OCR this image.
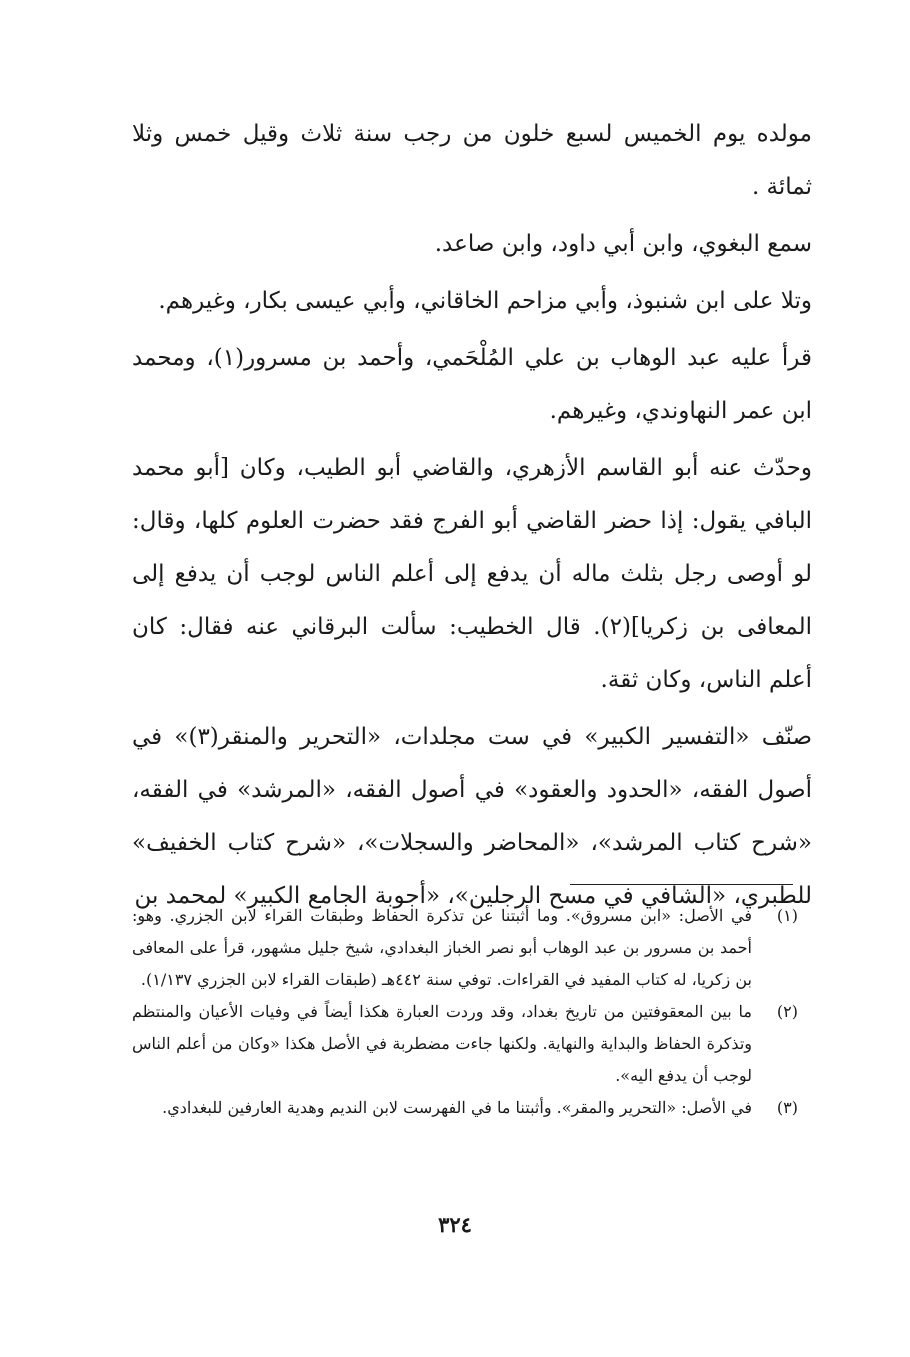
مولده يوم الخميس لسبع خلون من رجب سنة ثلاث وقيل خمس وثلا ثمائة .

سمع البغوي، وابن أبي داود، وابن صاعد.

وتلا على ابن شنبوذ، وأبي مزاحم الخاقاني، وأبي عيسى بكار، وغيرهم.

قرأ عليه عبد الوهاب بن علي المُلْحَمي، وأحمد بن مسرور(١)، ومحمد ابن عمر النهاوندي، وغيرهم.

وحدّث عنه أبو القاسم الأزهري، والقاضي أبو الطيب، وكان [أبو محمد البافي يقول: إذا حضر القاضي أبو الفرج فقد حضرت العلوم كلها، وقال: لو أوصى رجل بثلث ماله أن يدفع إلى أعلم الناس لوجب أن يدفع إلى المعافى بن زكريا](٢). قال الخطيب: سألت البرقاني عنه فقال: كان أعلم الناس، وكان ثقة.

صنّف «التفسير الكبير» في ست مجلدات، «التحرير والمنقر(٣)» في أصول الفقه، «الحدود والعقود» في أصول الفقه، «المرشد» في الفقه، «شرح كتاب المرشد»، «المحاضر والسجلات»، «شرح كتاب الخفيف» للطبري، «الشافي في مسح الرجلين»، «أجوبة الجامع الكبير» لمحمد بن

(١)
في الأصل: «ابن مسروق». وما أثبتنا عن تذكرة الحفاظ وطبقات القراء لابن الجزري. وهو: أحمد بن مسرور بن عبد الوهاب أبو نصر الخباز البغدادي، شيخ جليل مشهور، قرأ على المعافى بن زكريا، له كتاب المفيد في القراءات. توفي سنة ٤٤٢هـ (طبقات القراء لابن الجزري ١/١٣٧).
(٢)
ما بين المعقوفتين من تاريخ بغداد، وقد وردت العبارة هكذا أيضاً في وفيات الأعيان والمنتظم وتذكرة الحفاظ والبداية والنهاية. ولكنها جاءت مضطربة في الأصل هكذا «وكان من أعلم الناس لوجب أن يدفع اليه».
(٣)
في الأصل: «التحرير والمقر». وأثبتنا ما في الفهرست لابن النديم وهدية العارفين للبغدادي.
٣٢٤
